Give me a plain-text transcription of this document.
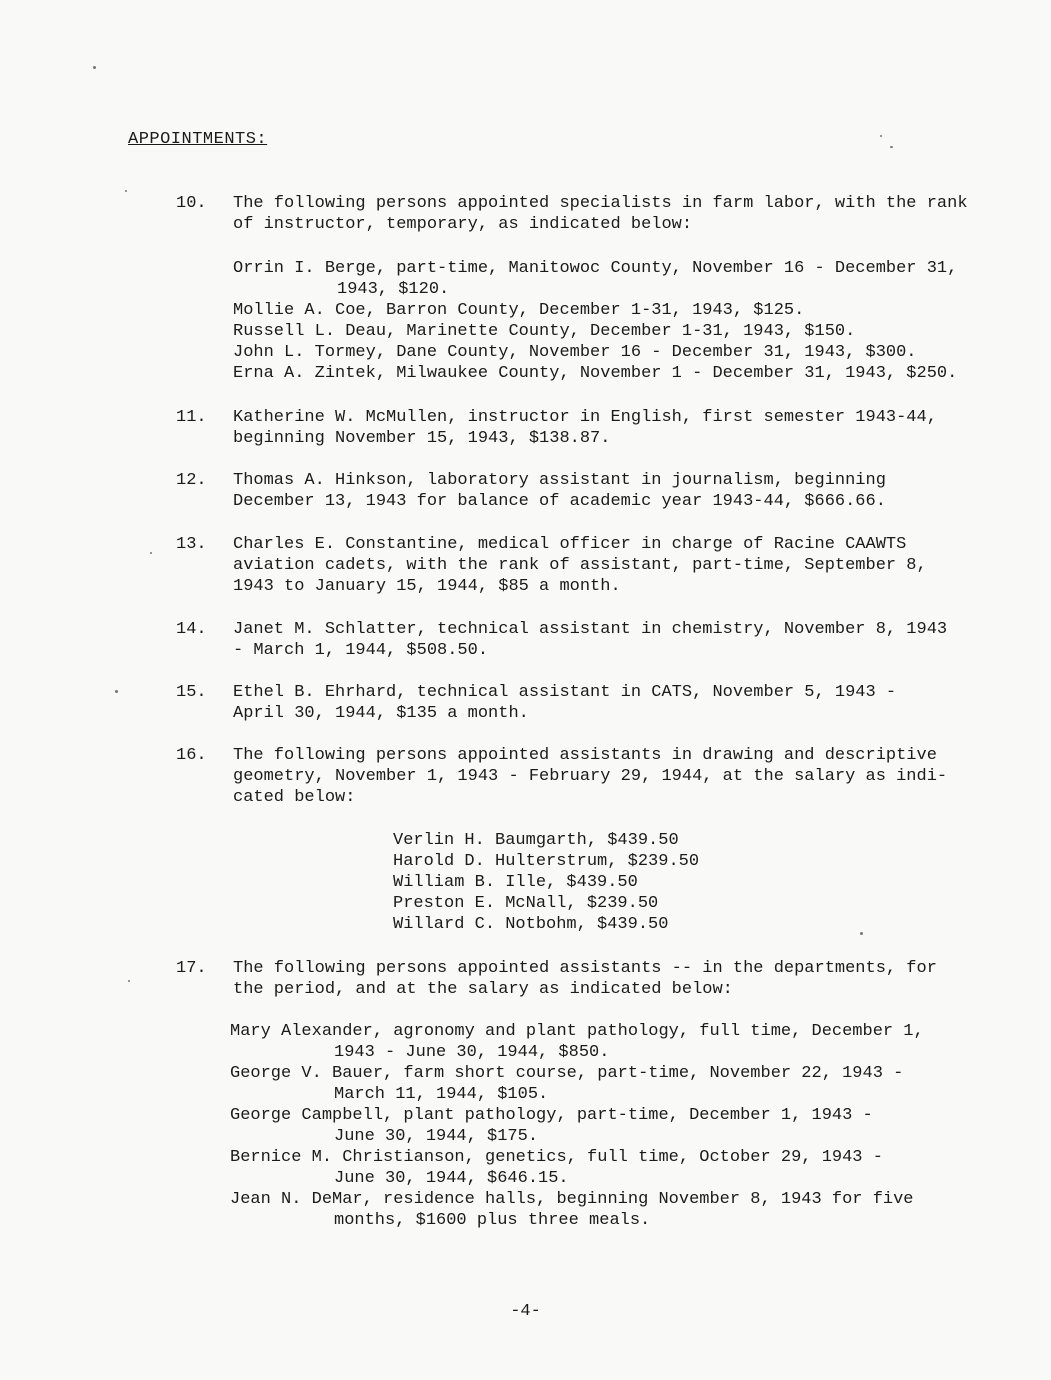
APPOINTMENTS:
10. The following persons appointed specialists in farm labor, with the rank
of instructor, temporary, as indicated below:
Orrin I. Berge, part-time, Manitowoc County, November 16 - December 31,
1943, $120.
Mollie A. Coe, Barron County, December 1-31, 1943, $125.
Russell L. Deau, Marinette County, December 1-31, 1943, $150.
John L. Tormey, Dane County, November 16 - December 31, 1943, $300.
Erna A. Zintek, Milwaukee County, November 1 - December 31, 1943, $250.
11. Katherine W. McMullen, instructor in English, first semester 1943-44,
beginning November 15, 1943, $138.87.
12. Thomas A. Hinkson, laboratory assistant in journalism, beginning
December 13, 1943 for balance of academic year 1943-44, $666.66.
13. Charles E. Constantine, medical officer in charge of Racine CAAWTS
aviation cadets, with the rank of assistant, part-time, September 8,
1943 to January 15, 1944, $85 a month.
14. Janet M. Schlatter, technical assistant in chemistry, November 8, 1943
- March 1, 1944, $508.50.
15. Ethel B. Ehrhard, technical assistant in CATS, November 5, 1943 -
April 30, 1944, $135 a month.
16. The following persons appointed assistants in drawing and descriptive
geometry, November 1, 1943 - February 29, 1944, at the salary as indi-
cated below:
Verlin H. Baumgarth, $439.50
Harold D. Hulterstrum, $239.50
William B. Ille, $439.50
Preston E. McNall, $239.50
Willard C. Notbohm, $439.50
17. The following persons appointed assistants -- in the departments, for
the period, and at the salary as indicated below:
Mary Alexander, agronomy and plant pathology, full time, December 1,
1943 - June 30, 1944, $850.
George V. Bauer, farm short course, part-time, November 22, 1943 -
March 11, 1944, $105.
George Campbell, plant pathology, part-time, December 1, 1943 -
June 30, 1944, $175.
Bernice M. Christianson, genetics, full time, October 29, 1943 -
June 30, 1944, $646.15.
Jean N. DeMar, residence halls, beginning November 8, 1943 for five
months, $1600 plus three meals.
-4-
